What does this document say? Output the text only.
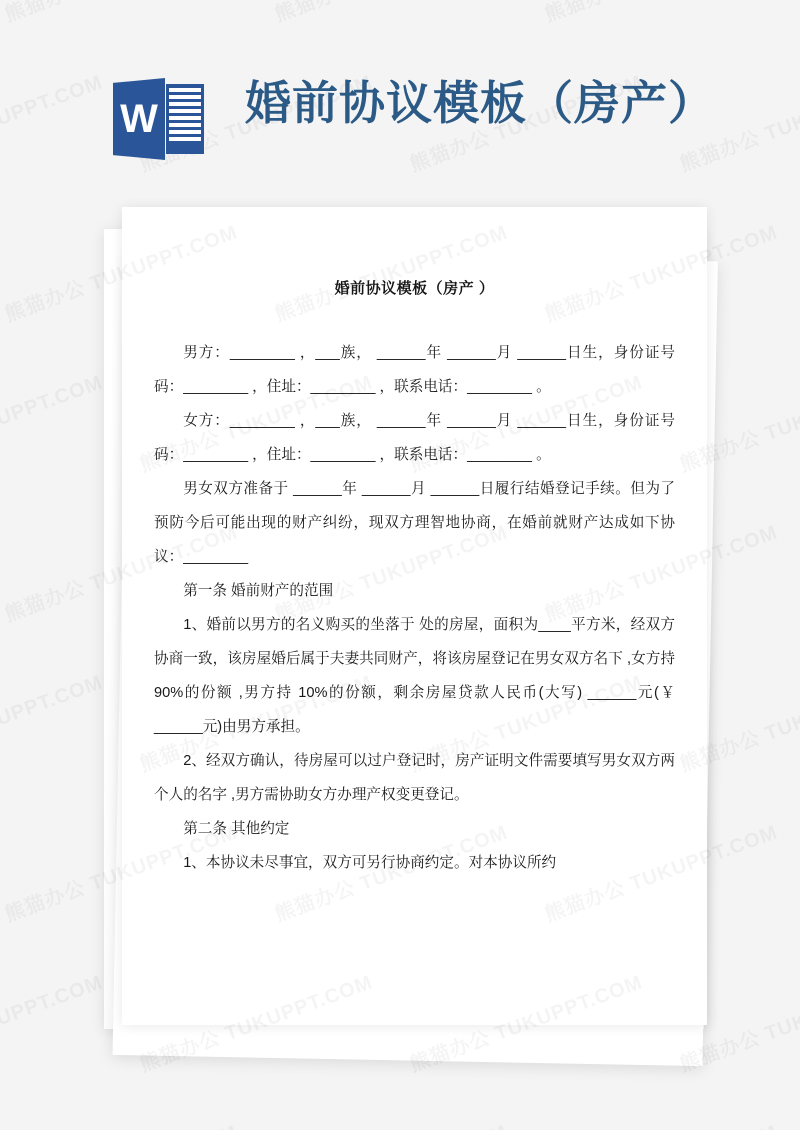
婚前协议模板（房产 ）

男方：________ ，___族， ______年 ______月 ______日生，身份证号码：________ ，住址：________ ，联系电话：________ 。

女方：________ ，___族， ______年 ______月 ______日生，身份证号码：________ ，住址：________ ，联系电话：________ 。

男女双方准备于 ______年 ______月 ______日履行结婚登记手续。但为了预防今后可能出现的财产纠纷，现双方理智地协商，在婚前就财产达成如下协议：________

第一条 婚前财产的范围

1、婚前以男方的名义购买的坐落于 处的房屋，面积为____平方米，经双方协商一致，该房屋婚后属于夫妻共同财产，将该房屋登记在男女双方名下 ,女方持 90%的份额 ,男方持 10%的份额，剩余房屋贷款人民币(大写) ______元(￥ ______元)由男方承担。

2、经双方确认，待房屋可以过户登记时，房产证明文件需要填写男女双方两个人的名字 ,男方需协助女方办理产权变更登记。

第二条 其他约定

1、本协议未尽事宜，双方可另行协商约定。对本协议所约

W 婚前协议模板（房产）
